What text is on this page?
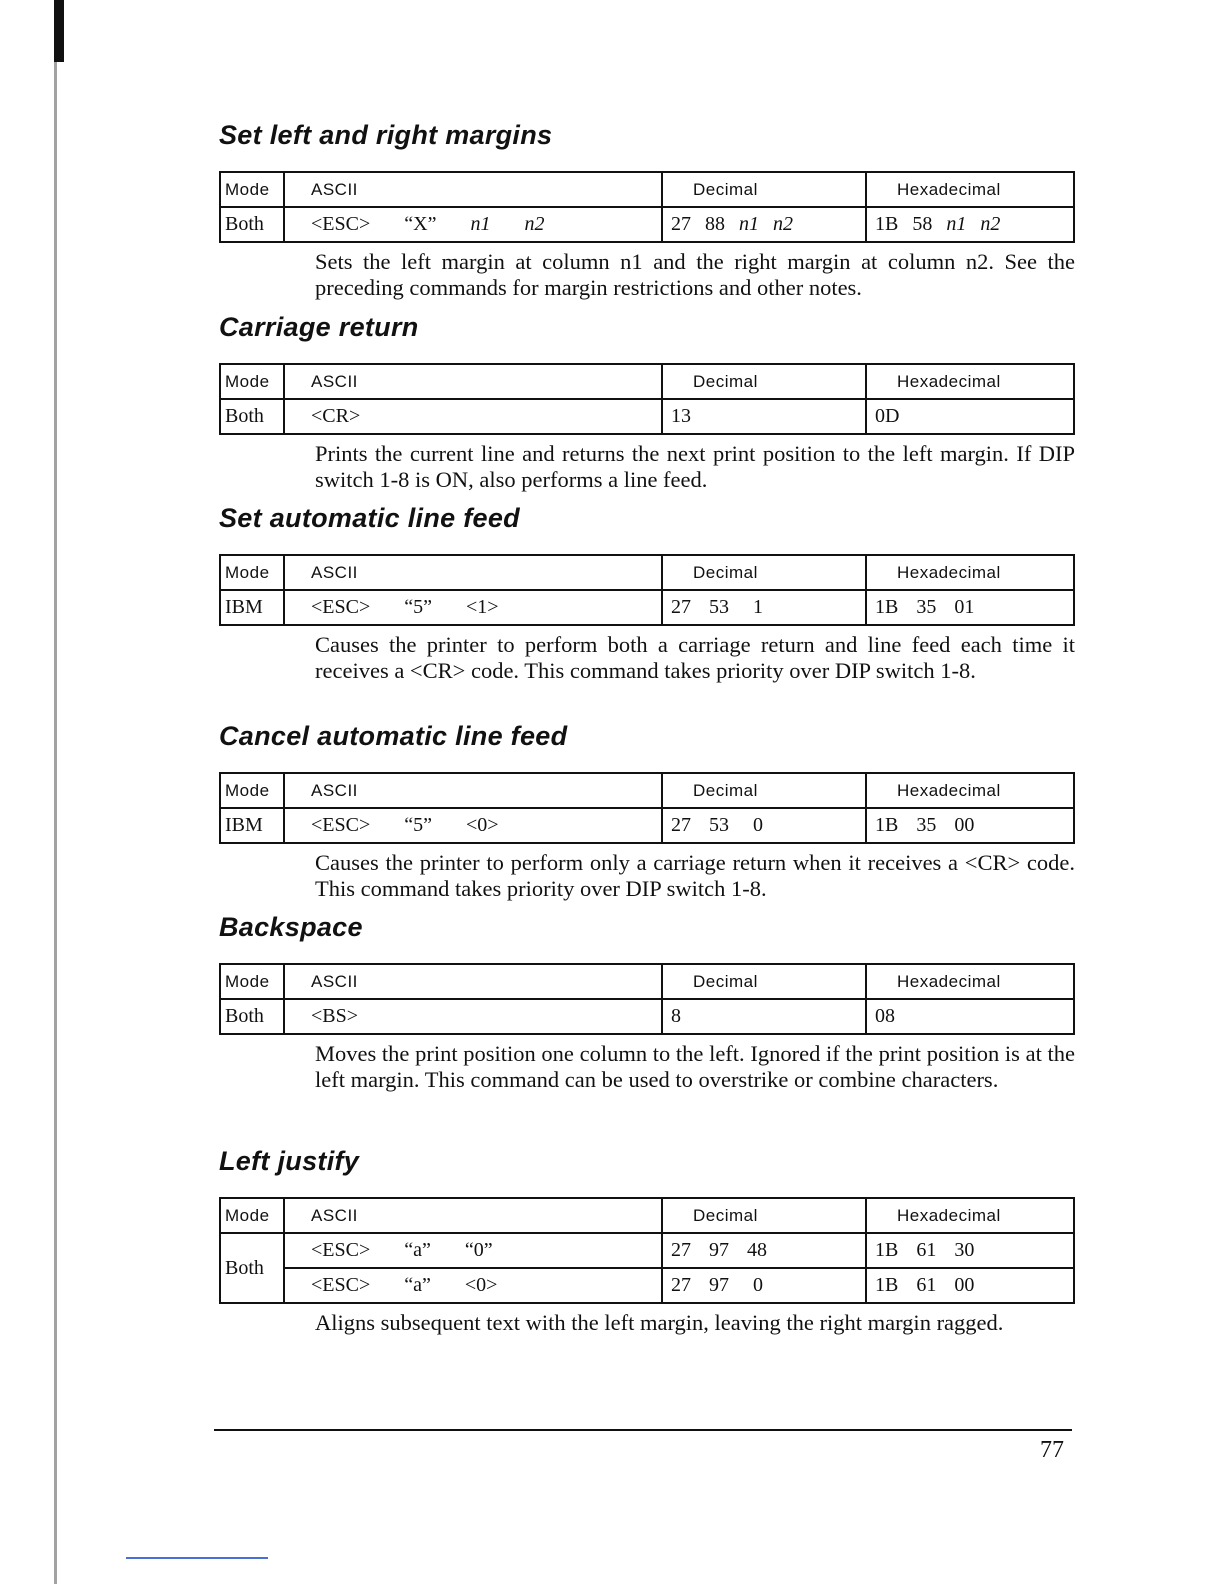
Set left and right margins
Mode	ASCII	Decimal	Hexadecimal
Both	<ESC> “X” n1 n2	27 88 n1 n2	1B 58 n1 n2

Sets the left margin at column n1 and the right margin at column n2. See the preceding commands for margin restrictions and other notes.

Carriage return
Mode	ASCII	Decimal	Hexadecimal
Both	<CR>	13	0D

Prints the current line and returns the next print position to the left margin. If DIP switch 1-8 is ON, also performs a line feed.

Set automatic line feed
Mode	ASCII	Decimal	Hexadecimal
IBM	<ESC> “5” <1>	27 53 1	1B 35 01

Causes the printer to perform both a carriage return and line feed each time it receives a <CR> code. This command takes priority over DIP switch 1-8.

Cancel automatic line feed
Mode	ASCII	Decimal	Hexadecimal
IBM	<ESC> “5” <0>	27 53 0	1B 35 00

Causes the printer to perform only a carriage return when it receives a <CR> code. This command takes priority over DIP switch 1-8.

Backspace
Mode	ASCII	Decimal	Hexadecimal
Both	<BS>	8	08

Moves the print position one column to the left. Ignored if the print position is at the left margin. This command can be used to overstrike or combine characters.

Left justify
Mode	ASCII	Decimal	Hexadecimal
Both	<ESC> “a” “0”	27 97 48	1B 61 30
	<ESC> “a” <0>	27 97 0	1B 61 00

Aligns subsequent text with the left margin, leaving the right margin ragged.

77
